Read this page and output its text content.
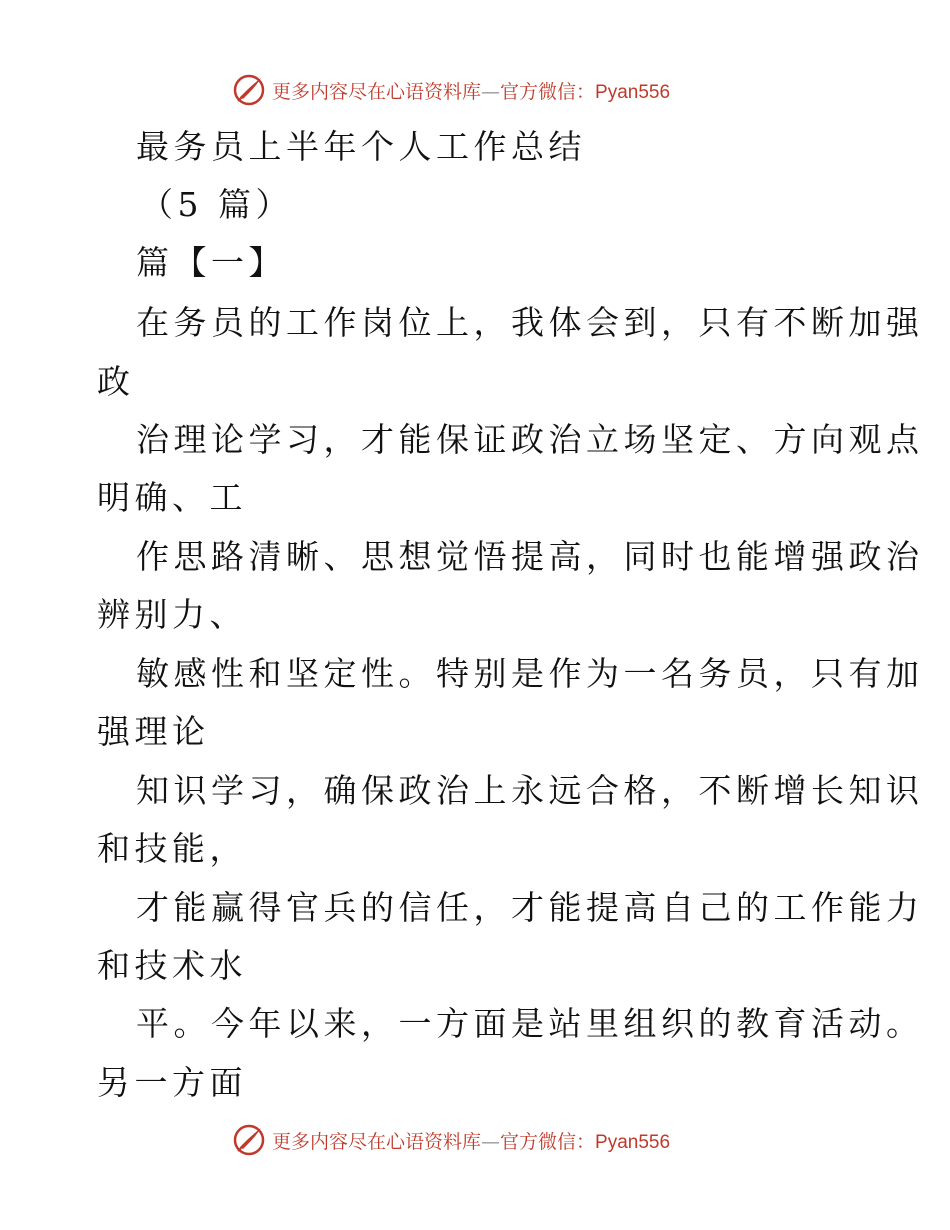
更多内容尽在心语资料库—官方微信：Pyan556
最务员上半年个人工作总结
（5 篇）
篇【一】
在务员的工作岗位上，我体会到，只有不断加强
政
治理论学习，才能保证政治立场坚定、方向观点
明确、工
作思路清晰、思想觉悟提高，同时也能增强政治
辨别力、
敏感性和坚定性。特别是作为一名务员，只有加
强理论
知识学习，确保政治上永远合格，不断增长知识
和技能，
才能赢得官兵的信任，才能提高自己的工作能力
和技术水
平。今年以来，一方面是站里组织的教育活动。
另一方面
更多内容尽在心语资料库—官方微信：Pyan556
